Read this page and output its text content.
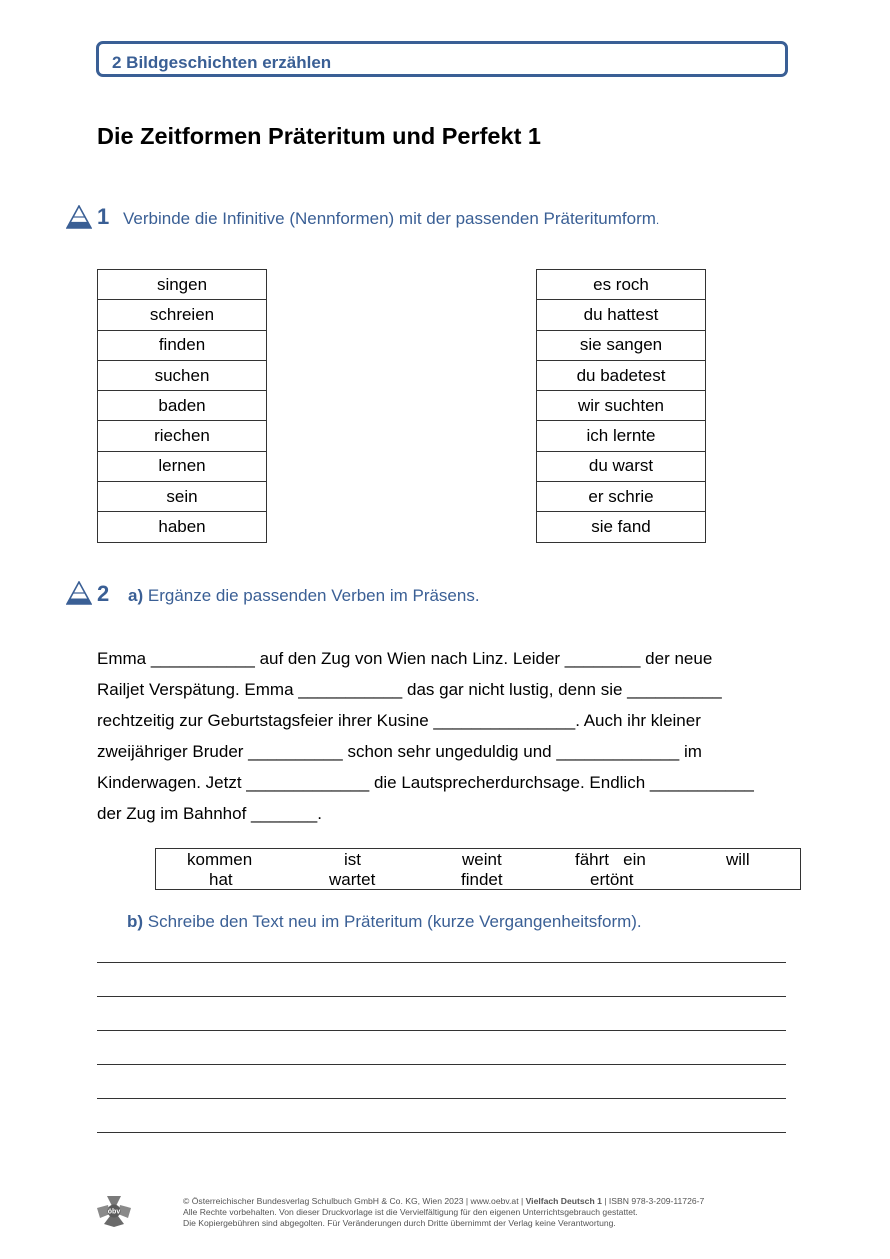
2 Bildgeschichten erzählen
Die Zeitformen Präteritum und Perfekt 1
1 Verbinde die Infinitive (Nennformen) mit der passenden Präteritumform.
singen
schreien
finden
suchen
baden
riechen
lernen
sein
haben
es roch
du hattest
sie sangen
du badetest
wir suchten
ich lernte
du warst
er schrie
sie fand
2 a) Ergänze die passenden Verben im Präsens.
Emma ___________ auf den Zug von Wien nach Linz. Leider ________ der neue
Railjet Verspätung. Emma ___________ das gar nicht lustig, denn sie __________
rechtzeitig zur Geburtstagsfeier ihrer Kusine _______________. Auch ihr kleiner
zweijähriger Bruder __________ schon sehr ungeduldig und _____________ im
Kinderwagen. Jetzt _____________ die Lautsprecherdurchsage. Endlich ___________
der Zug im Bahnhof _______.
kommen	ist	weint	fährt   ein	will
hat	wartet	findet	ertönt
b) Schreibe den Text neu im Präteritum (kurze Vergangenheitsform).
öbv
© Österreichischer Bundesverlag Schulbuch GmbH & Co. KG, Wien 2023 | www.oebv.at | Vielfach Deutsch 1 | ISBN 978-3-209-11726-7
Alle Rechte vorbehalten. Von dieser Druckvorlage ist die Vervielfältigung für den eigenen Unterrichtsgebrauch gestattet.
Die Kopiergebühren sind abgegolten. Für Veränderungen durch Dritte übernimmt der Verlag keine Verantwortung.
